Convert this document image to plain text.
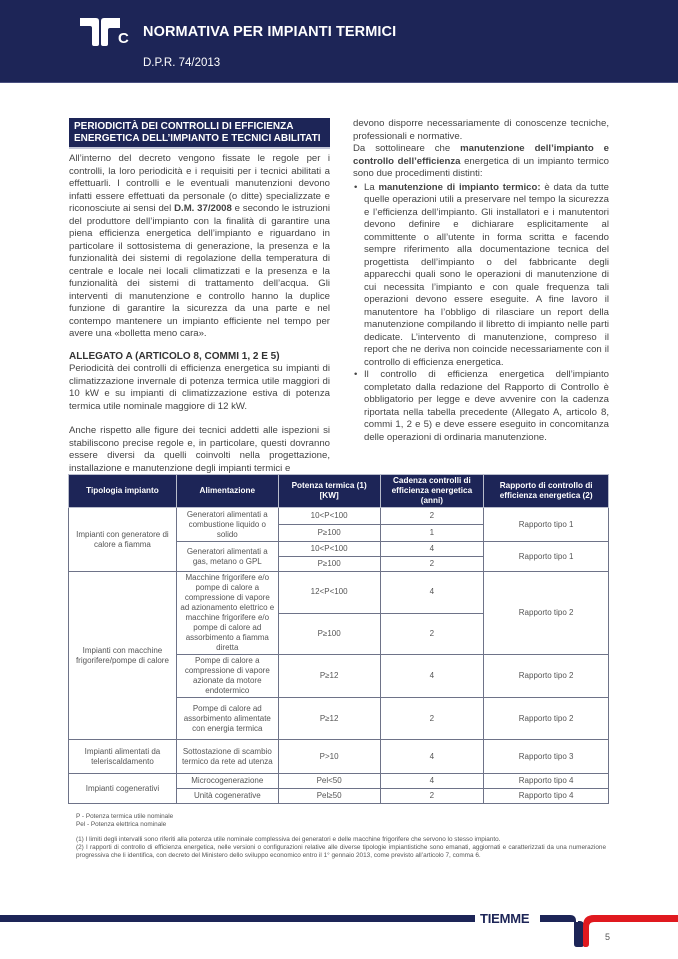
C NORMATIVA PER IMPIANTI TERMICI
D.P.R. 74/2013
PERIODICITÀ DEI CONTROLLI DI EFFICIENZA
ENERGETICA DELL’IMPIANTO E TECNICI ABILITATI

All’interno del decreto vengono fissate le regole per i controlli, la loro periodicità e i requisiti per i tecnici abilitati a effettuarli. I controlli e le eventuali manutenzioni devono infatti essere effettuati da personale (o ditte) specializzate e riconosciute ai sensi del D.M. 37/2008 e secondo le istruzioni del produttore dell’impianto con la finalità di garantire una piena efficienza energetica dell’impianto e riguardano in particolare il sottosistema di generazione, la presenza e la funzionalità dei sistemi di regolazione della temperatura di centrale e locale nei locali climatizzati e la presenza e la funzionalità dei sistemi di trattamento dell’acqua. Gli interventi di manutenzione e controllo hanno la duplice funzione di garantire la sicurezza da una parte e nel contempo mantenere un impianto efficiente nel tempo per avere una «bolletta meno cara».

ALLEGATO A (ARTICOLO 8, COMMI 1, 2 E 5)

Periodicità dei controlli di efficienza energetica su impianti di climatizzazione invernale di potenza termica utile maggiori di 10 kW e su impianti di climatizzazione estiva di potenza termica utile nominale maggiore di 12 kW.

Anche rispetto alle figure dei tecnici addetti alle ispezioni si stabiliscono precise regole e, in particolare, questi dovranno essere diversi da quelli coinvolti nella progettazione, installazione e manutenzione degli impianti termici e

devono disporre necessariamente di conoscenze tecniche, professionali e normative.

Da sottolineare che manutenzione dell’impianto e controllo dell’efficienza energetica di un impianto termico sono due procedimenti distinti:

• La manutenzione di impianto termico: è data da tutte quelle operazioni utili a preservare nel tempo la sicurezza e l’efficienza dell’impianto. Gli installatori e i manutentori devono definire e dichiarare esplicitamente al committente o all’utente in forma scritta e facendo sempre riferimento alla documentazione tecnica del progettista dell’impianto o del fabbricante degli apparecchi quali sono le operazioni di manutenzione di cui necessita l’impianto e con quale frequenza tali operazioni devono essere eseguite. A fine lavoro il manutentore ha l’obbligo di rilasciare un report della manutenzione compilando il libretto di impianto nelle parti dedicate. L’intervento di manutenzione, compreso il report che ne deriva non coincide necessariamente con il controllo di efficienza energetica.
• Il controllo di efficienza energetica dell’impianto completato dalla redazione del Rapporto di Controllo è obbligatorio per legge e deve avvenire con la cadenza riportata nella tabella precedente (Allegato A, articolo 8, commi 1, 2 e 5) e deve essere eseguito in concomitanza delle operazioni di ordinaria manutenzione.
Tipologia impianto	Alimentazione	Potenza termica (1) [KW]	Cadenza controlli di efficienza energetica (anni)	Rapporto di controllo di efficienza energetica (2)
Impianti con generatore di calore a fiamma	Generatori alimentati a combustione liquido o solido	10<P<100	2	Rapporto tipo 1
		P≥100	1	
	Generatori alimentati a gas, metano o GPL	10<P<100	4	Rapporto tipo 1
		P≥100	2	
Impianti con macchine frigorifere/pompe di calore	Macchine frigorifere e/o pompe di calore a compressione di vapore ad azionamento elettrico e macchine frigorifere e/o pompe di calore ad assorbimento a fiamma diretta	12<P<100	4	Rapporto tipo 2
		P≥100	2	
	Pompe di calore a compressione di vapore azionate da motore endotermico	P≥12	4	Rapporto tipo 2
	Pompe di calore ad assorbimento alimentate con energia termica	P≥12	2	Rapporto tipo 2
Impianti alimentati da teleriscaldamento	Sottostazione di scambio termico da rete ad utenza	P>10	4	Rapporto tipo 3
Impianti cogenerativi	Microcogenerazione	Pel<50	4	Rapporto tipo 4
	Unità cogenerative	Pel≥50	2	Rapporto tipo 4

P - Potenza termica utile nominale

Pel - Potenza elettrica nominale

(1) I limiti degli intervalli sono riferiti alla potenza utile nominale complessiva dei generatori e delle macchine frigorifere che servono lo stesso impianto.

(2) I rapporti di controllo di efficienza energetica, nelle versioni o configurazioni relative alle diverse tipologie impiantistiche sono emanati, aggiornati e caratterizzati da una numerazione progressiva che li identifica, con decreto del Ministero dello sviluppo economico entro il 1° gennaio 2013, come previsto all’articolo 7, comma 6.

TIEMME
5
